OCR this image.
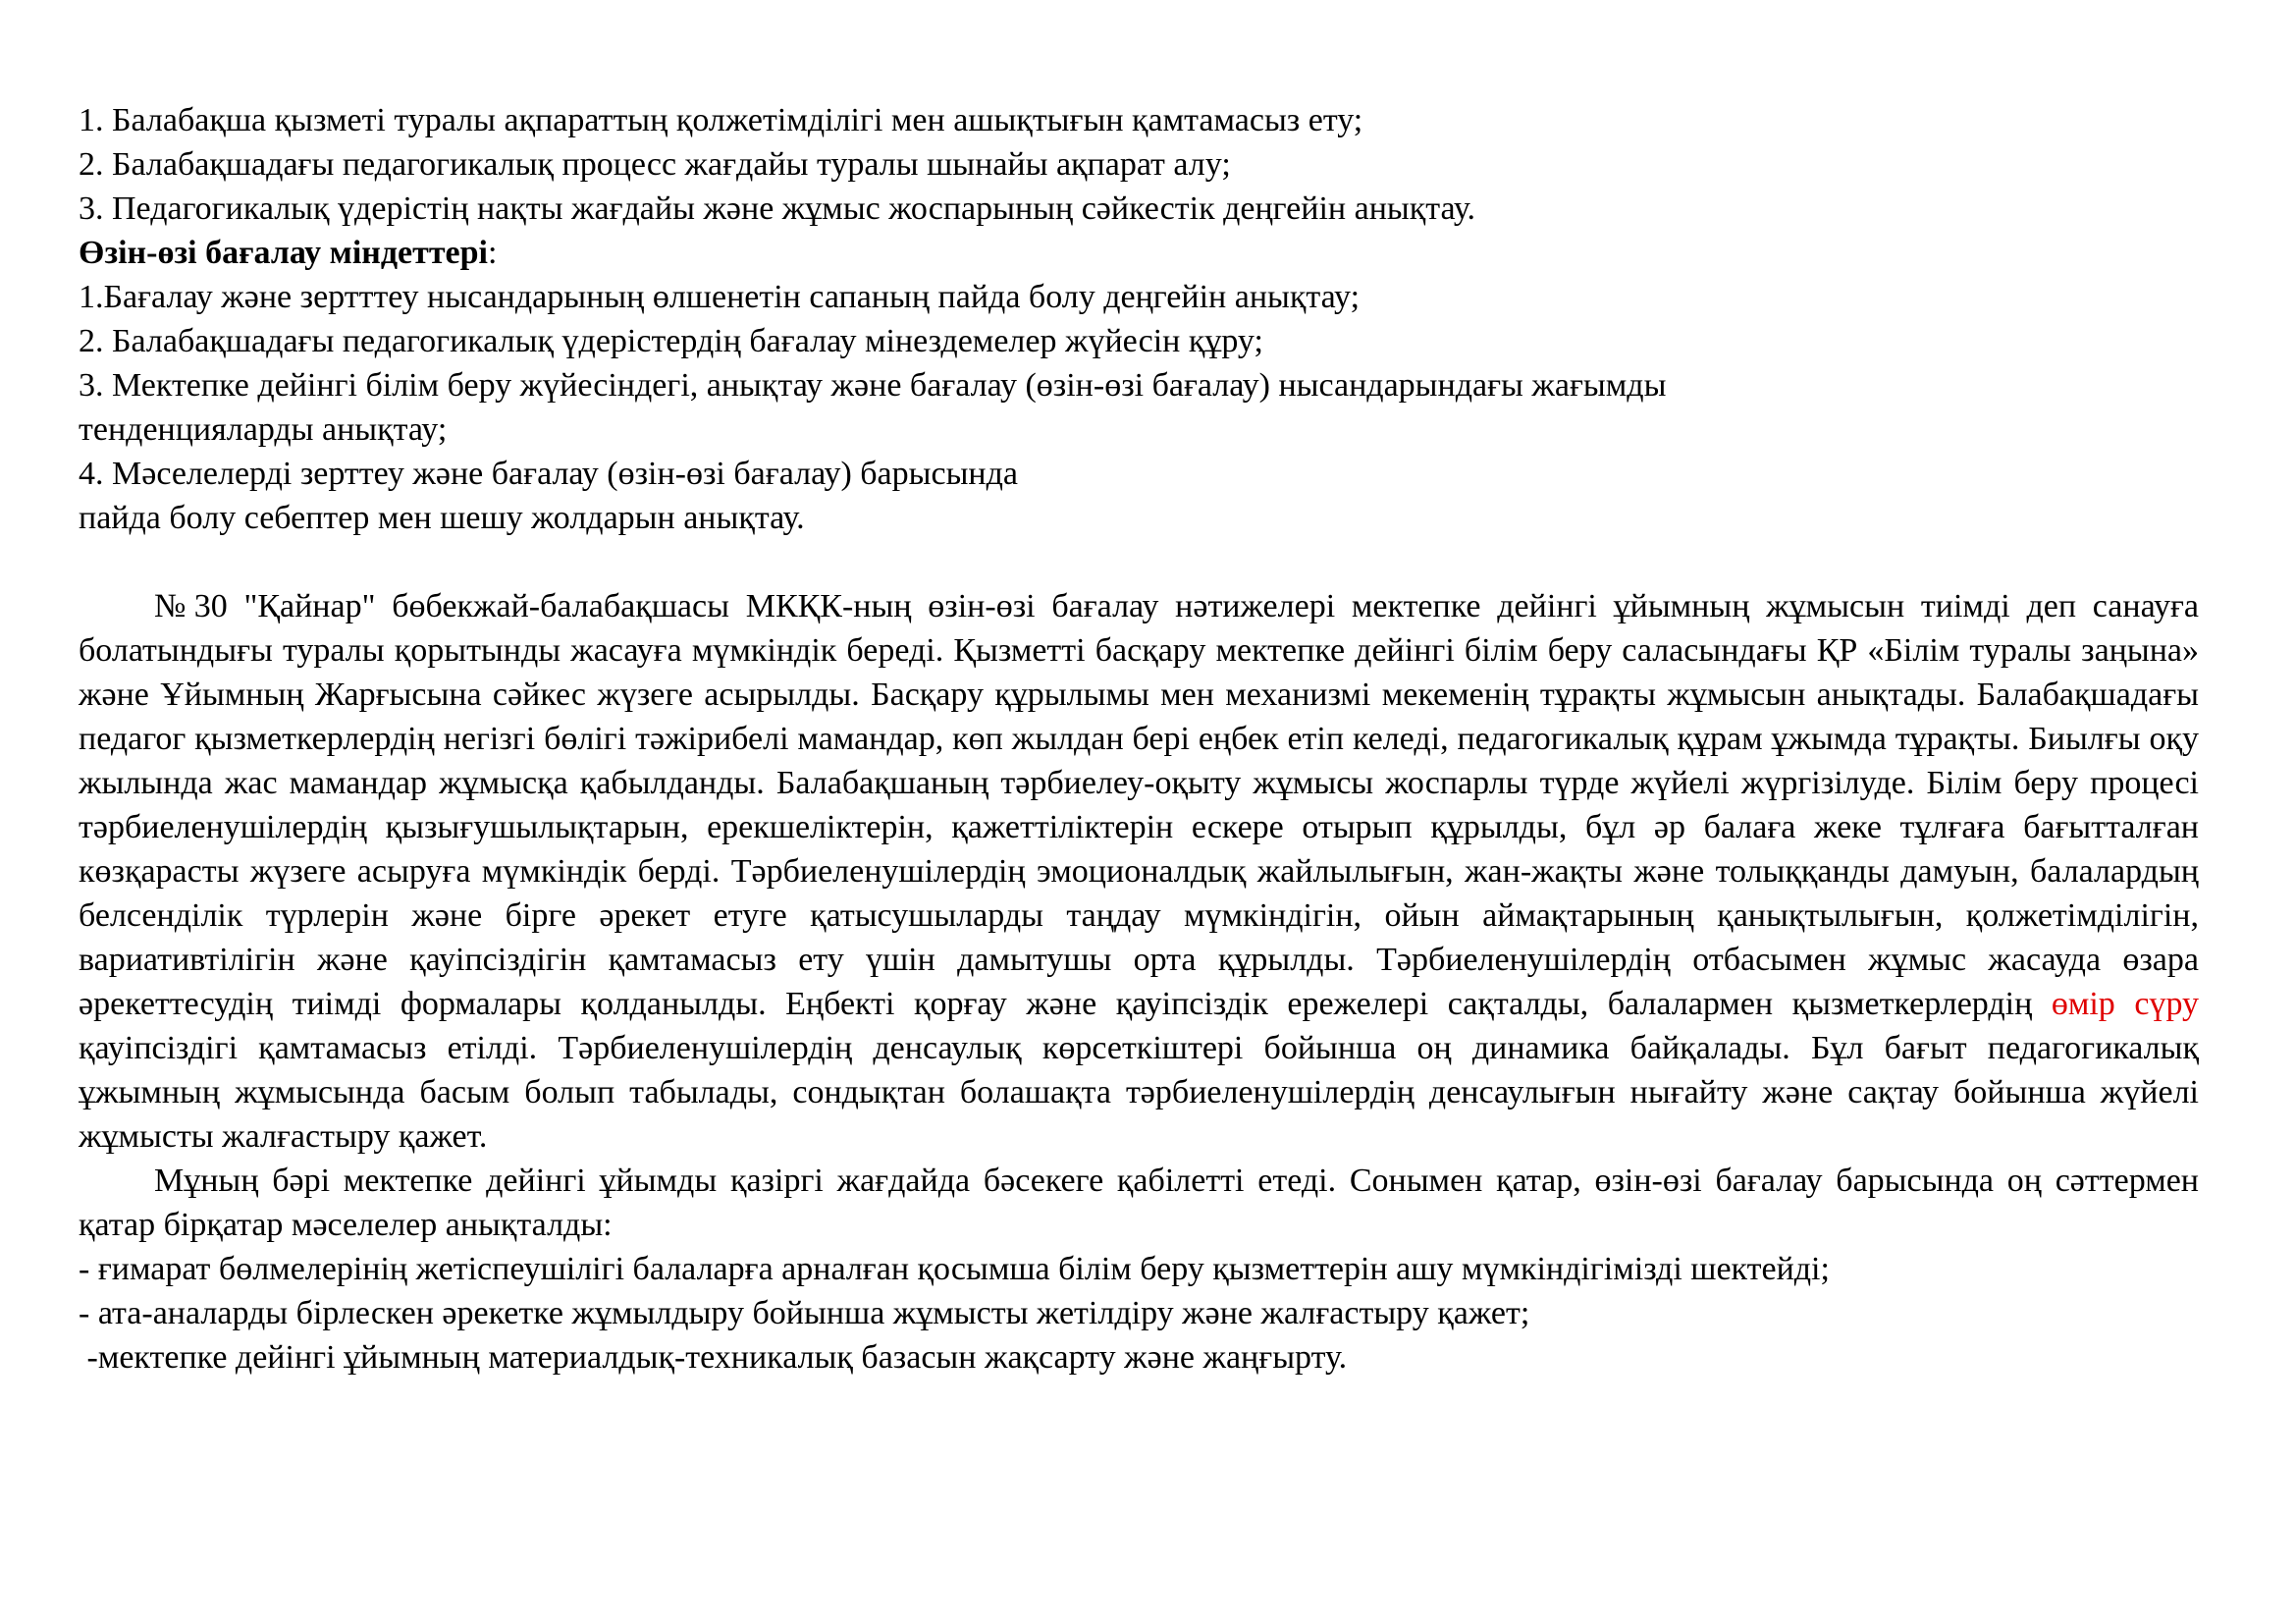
1. Балабақша қызметі туралы ақпараттың қолжетімділігі мен ашықтығын қамтамасыз ету;

2. Балабақшадағы педагогикалық процесс жағдайы туралы шынайы ақпарат алу;

3. Педагогикалық үдерістің нақты жағдайы және жұмыс жоспарының сәйкестік деңгейін анықтау.

Өзін-өзі бағалау міндеттері:

1.Бағалау және зертттеу нысандарының өлшенетін сапаның пайда болу деңгейін анықтау;

2. Балабақшадағы педагогикалық үдерістердің бағалау мінездемелер жүйесін құру;

3. Мектепке дейінгі білім беру жүйесіндегі, анықтау және бағалау (өзін-өзі бағалау) нысандарындағы жағымды

тенденцияларды анықтау;

4. Мәселелерді зерттеу және бағалау (өзін-өзі бағалау) барысында

пайда болу себептер мен шешу жолдарын анықтау.

№30 "Қайнар" бөбекжай-балабақшасы МКҚК-ның өзін-өзі бағалау нәтижелері мектепке дейінгі ұйымның жұмысын тиімді деп санауға болатындығы туралы қорытынды жасауға мүмкіндік береді. Қызметті басқару мектепке дейінгі білім беру саласындағы ҚР «Білім туралы заңына» және Ұйымның Жарғысына сәйкес жүзеге асырылды. Басқару құрылымы мен механизмі мекеменің тұрақты жұмысын анықтады. Балабақшадағы педагог қызметкерлердің негізгі бөлігі тәжірибелі мамандар, көп жылдан бері еңбек етіп келеді, педагогикалық құрам ұжымда тұрақты. Биылғы оқу жылында жас мамандар жұмысқа қабылданды. Балабақшаның тәрбиелеу-оқыту жұмысы жоспарлы түрде жүйелі жүргізілуде. Білім беру процесі тәрбиеленушілердің қызығушылықтарын, ерекшеліктерін, қажеттіліктерін ескере отырып құрылды, бұл әр балаға жеке тұлғаға бағытталған көзқарасты жүзеге асыруға мүмкіндік берді. Тәрбиеленушілердің эмоционалдық жайлылығын, жан-жақты және толыққанды дамуын, балалардың белсенділік түрлерін және бірге әрекет етуге қатысушыларды таңдау мүмкіндігін, ойын аймақтарының қанықтылығын, қолжетімділігін, вариативтілігін және қауіпсіздігін қамтамасыз ету үшін дамытушы орта құрылды. Тәрбиеленушілердің отбасымен жұмыс жасауда өзара әрекеттесудің тиімді формалары қолданылды. Еңбекті қорғау және қауіпсіздік ережелері сақталды, балалармен қызметкерлердің өмір сүру қауіпсіздігі қамтамасыз етілді. Тәрбиеленушілердің денсаулық көрсеткіштері бойынша оң динамика байқалады. Бұл бағыт педагогикалық ұжымның жұмысында басым болып табылады, сондықтан болашақта тәрбиеленушілердің денсаулығын нығайту және сақтау бойынша жүйелі жұмысты жалғастыру қажет.

Мұның бәрі мектепке дейінгі ұйымды қазіргі жағдайда бәсекеге қабілетті етеді. Сонымен қатар, өзін-өзі бағалау барысында оң сәттермен қатар бірқатар мәселелер анықталды:

- ғимарат бөлмелерінің жетіспеушілігі балаларға арналған қосымша білім беру қызметтерін ашу мүмкіндігімізді шектейді;

- ата-аналарды бірлескен әрекетке жұмылдыру бойынша жұмысты жетілдіру және жалғастыру қажет;

-мектепке дейінгі ұйымның материалдық-техникалық базасын жақсарту және жаңғырту.
